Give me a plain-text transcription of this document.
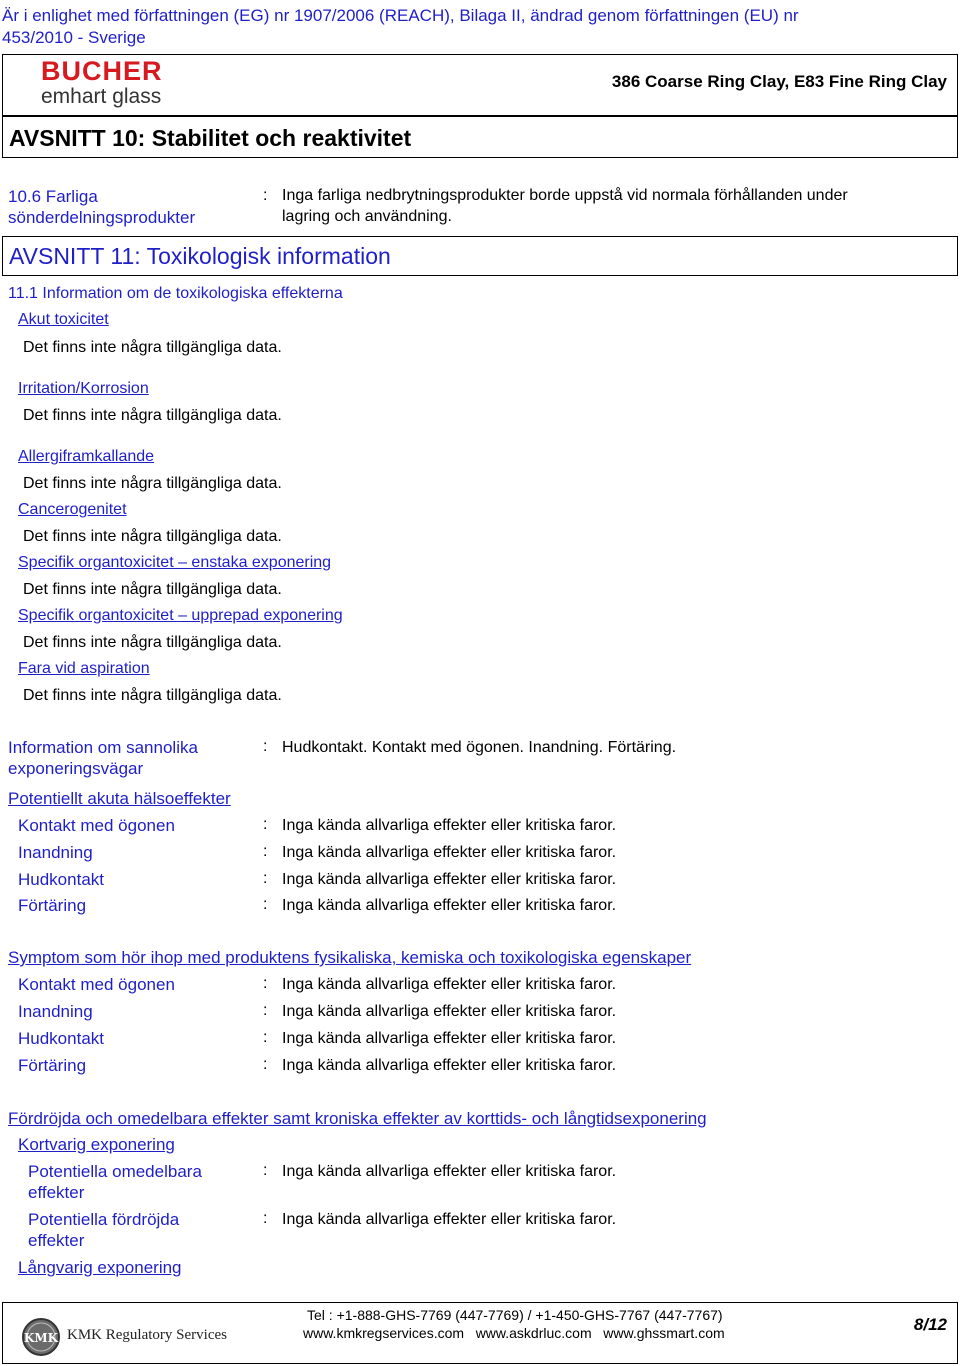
Är i enlighet med författningen (EG) nr 1907/2006 (REACH), Bilaga II, ändrad genom författningen (EU) nr
453/2010 - Sverige
BUCHER
emhart glass
386 Coarse Ring Clay, E83 Fine Ring Clay
AVSNITT 10: Stabilitet och reaktivitet
10.6 Farliga
sönderdelningsprodukter
: Inga farliga nedbrytningsprodukter borde uppstå vid normala förhållanden under
lagring och användning.
AVSNITT 11: Toxikologisk information
11.1 Information om de toxikologiska effekterna
Akut toxicitet
Det finns inte några tillgängliga data.
Irritation/Korrosion
Det finns inte några tillgängliga data.
Allergiframkallande
Det finns inte några tillgängliga data.
Cancerogenitet
Det finns inte några tillgängliga data.
Specifik organtoxicitet – enstaka exponering
Det finns inte några tillgängliga data.
Specifik organtoxicitet – upprepad exponering
Det finns inte några tillgängliga data.
Fara vid aspiration
Det finns inte några tillgängliga data.
Information om sannolika
exponeringsvägar
: Hudkontakt. Kontakt med ögonen. Inandning. Förtäring.
Potentiellt akuta hälsoeffekter
Kontakt med ögonen	: Inga kända allvarliga effekter eller kritiska faror.
Inandning	: Inga kända allvarliga effekter eller kritiska faror.
Hudkontakt	: Inga kända allvarliga effekter eller kritiska faror.
Förtäring	: Inga kända allvarliga effekter eller kritiska faror.
Symptom som hör ihop med produktens fysikaliska, kemiska och toxikologiska egenskaper
Kontakt med ögonen	: Inga kända allvarliga effekter eller kritiska faror.
Inandning	: Inga kända allvarliga effekter eller kritiska faror.
Hudkontakt	: Inga kända allvarliga effekter eller kritiska faror.
Förtäring	: Inga kända allvarliga effekter eller kritiska faror.
Fördröjda och omedelbara effekter samt kroniska effekter av korttids- och långtidsexponering
Kortvarig exponering
Potentiella omedelbara
effekter
: Inga kända allvarliga effekter eller kritiska faror.
Potentiella fördröjda
effekter
: Inga kända allvarliga effekter eller kritiska faror.
Långvarig exponering
KMK KMK Regulatory Services
Tel : +1-888-GHS-7769 (447-7769) / +1-450-GHS-7767 (447-7767)
www.kmkregservices.com   www.askdrluc.com   www.ghssmart.com	8/12
